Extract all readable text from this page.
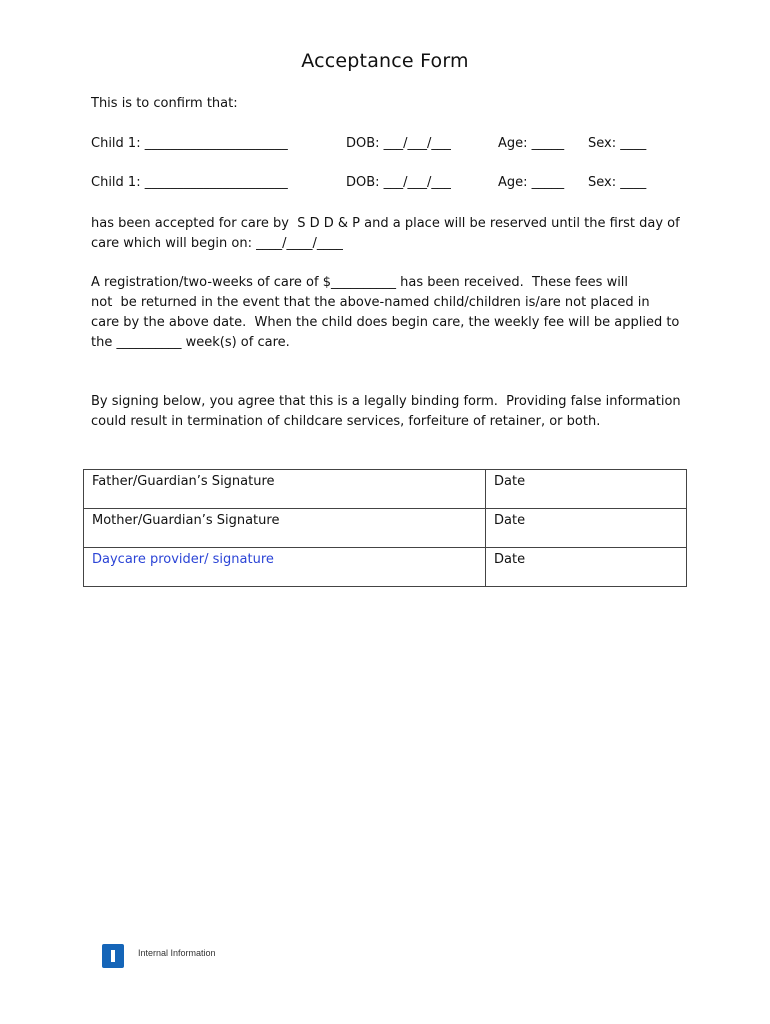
Acceptance Form
This is to confirm that:
Child 1: ______________________	DOB: ___/___/___	Age: _____ Sex: ____
Child 1: ______________________	DOB: ___/___/___	Age: _____ Sex: ____
has been accepted for care by  S D D & P and a place will be reserved until the first day of
care which will begin on: ____/____/____
A registration/two-weeks of care of $__________ has been received.  These fees will
not  be returned in the event that the above-named child/children is/are not placed in
care by the above date.  When the child does begin care, the weekly fee will be applied to
the __________ week(s) of care.
By signing below, you agree that this is a legally binding form.  Providing false information
could result in termination of childcare services, forfeiture of retainer, or both.
Father/Guardian’s Signature	Date
Mother/Guardian’s Signature	Date
Daycare provider/ signature	Date
Internal Information
